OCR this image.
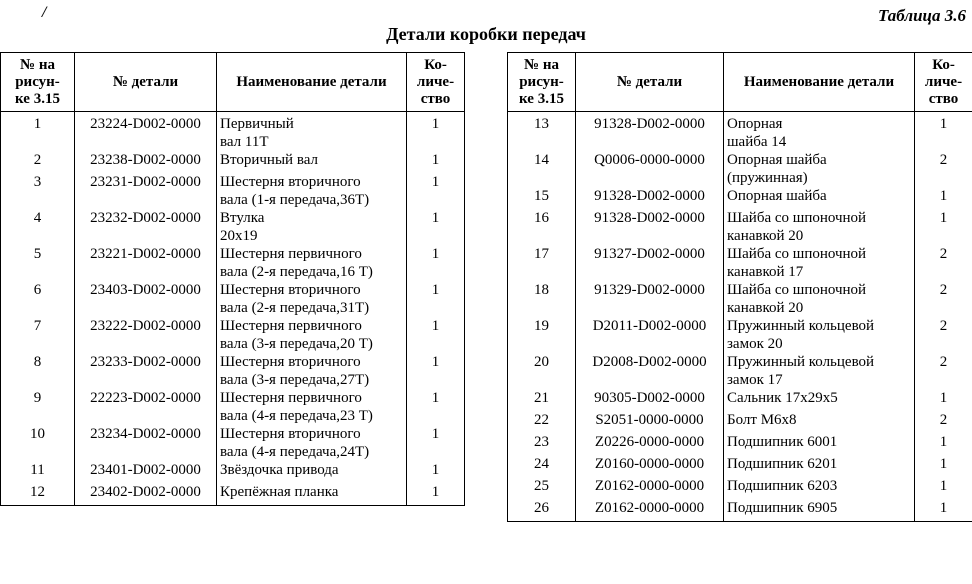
/	Таблица 3.6
Детали коробки передач
№ на
рисун-
ке 3.15	№ детали	Наименование детали	Ко-
личе-
ство
1	23224-D002-0000	Первичный
вал 11Т	1
2	23238-D002-0000	Вторичный вал	1
3	23231-D002-0000	Шестерня вторичного
вала (1-я передача,36Т)	1
4	23232-D002-0000	Втулка
20х19	1
5	23221-D002-0000	Шестерня первичного
вала (2-я передача,16 Т)	1
6	23403-D002-0000	Шестерня вторичного
вала (2-я передача,31Т)	1
7	23222-D002-0000	Шестерня первичного
вала (3-я передача,20 Т)	1
8	23233-D002-0000	Шестерня вторичного
вала (3-я передача,27Т)	1
9	22223-D002-0000	Шестерня первичного
вала (4-я передача,23 Т)	1
10	23234-D002-0000	Шестерня вторичного
вала (4-я передача,24Т)	1
11	23401-D002-0000	Звёздочка привода	1
12	23402-D002-0000	Крепёжная планка	1
№ на
рисун-
ке 3.15	№ детали	Наименование детали	Ко-
личе-
ство
13	91328-D002-0000	Опорная
шайба 14	1
14	Q0006-0000-0000	Опорная шайба
(пружинная)	2
15	91328-D002-0000	Опорная шайба	1
16	91328-D002-0000	Шайба со шпоночной
канавкой 20	1
17	91327-D002-0000	Шайба со шпоночной
канавкой 17	2
18	91329-D002-0000	Шайба со шпоночной
канавкой 20	2
19	D2011-D002-0000	Пружинный кольцевой
замок 20	2
20	D2008-D002-0000	Пружинный кольцевой
замок 17	2
21	90305-D002-0000	Сальник 17х29х5	1
22	S2051-0000-0000	Болт М6х8	2
23	Z0226-0000-0000	Подшипник 6001	1
24	Z0160-0000-0000	Подшипник 6201	1
25	Z0162-0000-0000	Подшипник 6203	1
26	Z0162-0000-0000	Подшипник 6905	1
